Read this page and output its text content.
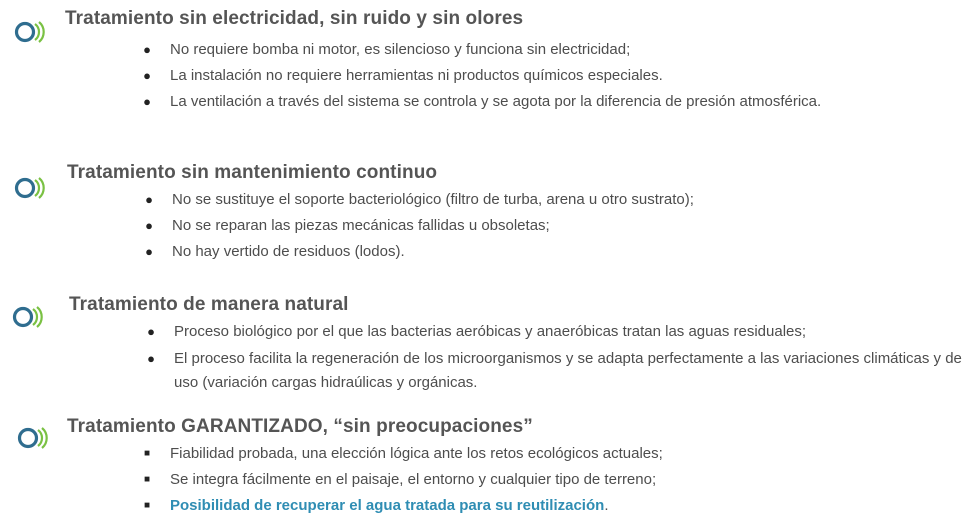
Tratamiento sin electricidad, sin ruido y sin olores
● No requiere bomba ni motor, es silencioso y funciona sin electricidad;
● La instalación no requiere herramientas ni productos químicos especiales.
● La ventilación a través del sistema se controla y se agota por la diferencia de presión atmosférica.
Tratamiento sin mantenimiento continuo
● No se sustituye el soporte bacteriológico (filtro de turba, arena u otro sustrato);
● No se reparan las piezas mecánicas fallidas u obsoletas;
● No hay vertido de residuos (lodos).
Tratamiento de manera natural
● Proceso biológico por el que las bacterias aeróbicas y anaeróbicas tratan las aguas residuales;
● El proceso facilita la regeneración de los microorganismos y se adapta perfectamente a las variaciones climáticas y de uso (variación cargas hidraúlicas y orgánicas.
Tratamiento GARANTIZADO, “sin preocupaciones”
■ Fiabilidad probada, una elección lógica ante los retos ecológicos actuales;
■ Se integra fácilmente en el paisaje, el entorno y cualquier tipo de terreno;
■ Posibilidad de recuperar el agua tratada para su reutilización.
